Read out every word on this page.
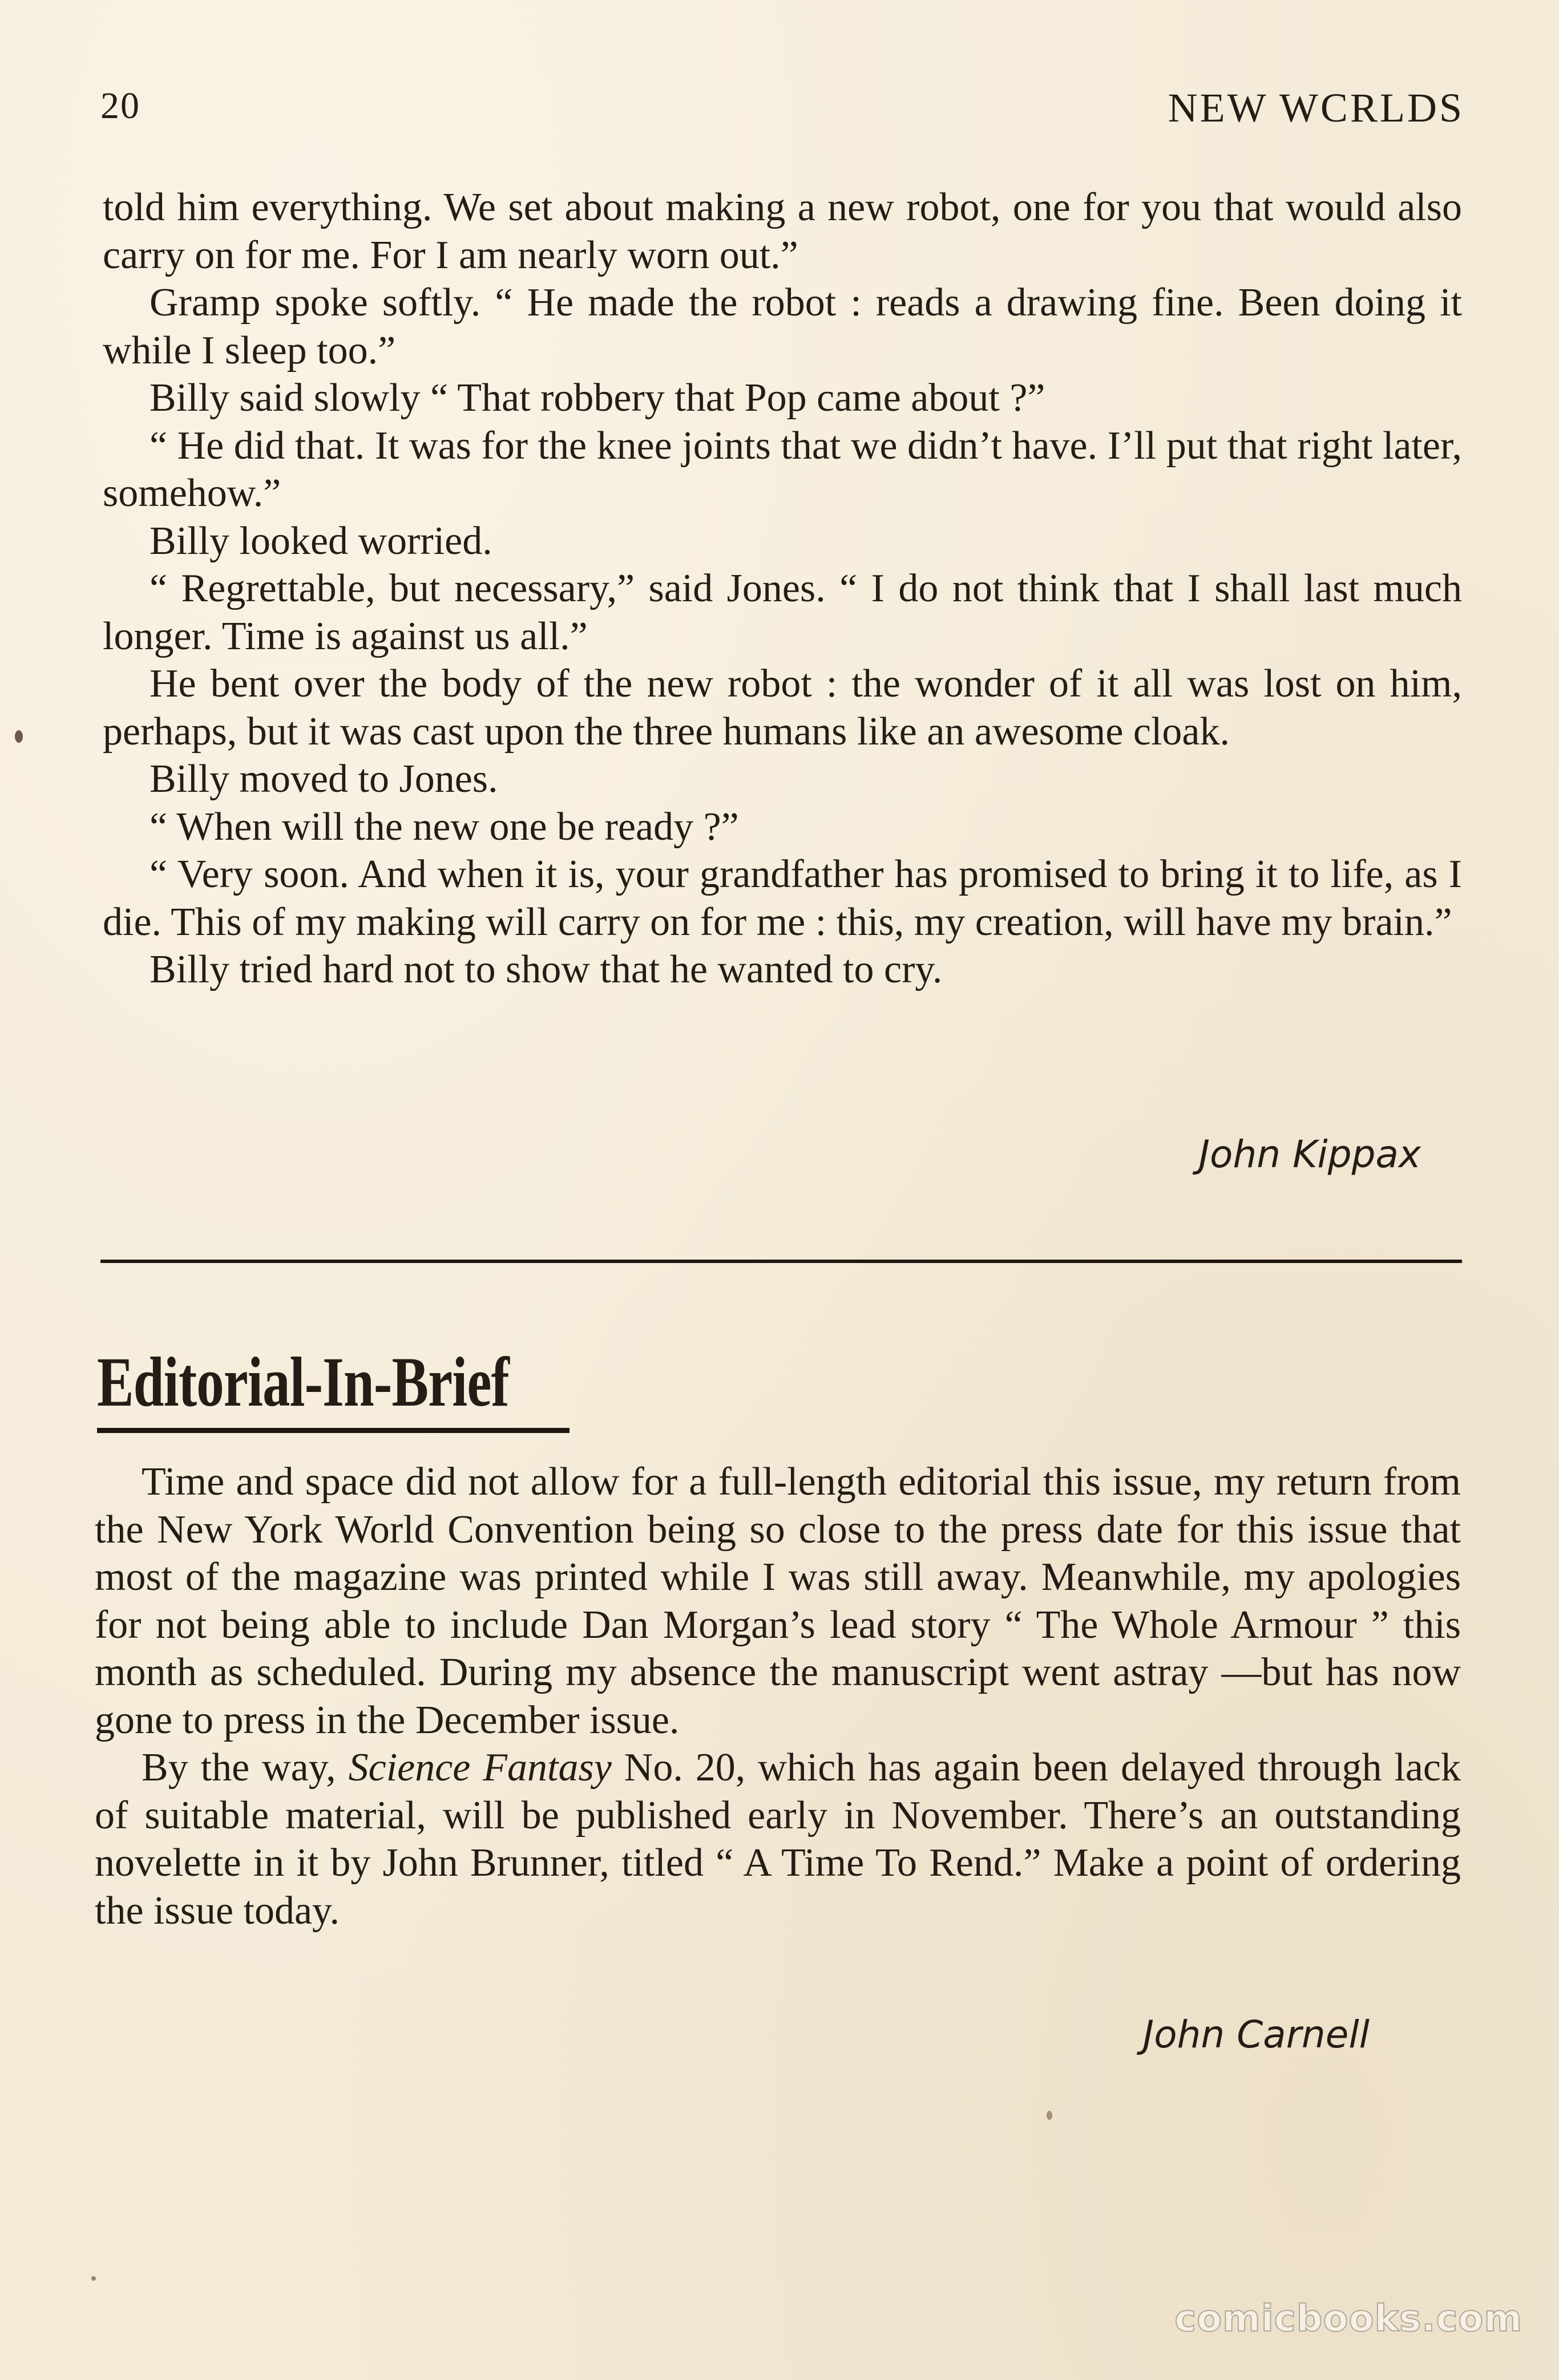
20	NEW WCRLDS

told him everything. We set about making a new robot, one for you that would also carry on for me. For I am nearly worn out.”

Gramp spoke softly. “ He made the robot : reads a drawing fine. Been doing it while I sleep too.”

Billy said slowly “ That robbery that Pop came about ?”

“ He did that. It was for the knee joints that we didn’t have. I’ll put that right later, somehow.”

Billy looked worried.

“ Regrettable, but necessary,” said Jones. “ I do not think that I shall last much longer. Time is against us all.”

He bent over the body of the new robot : the wonder of it all was lost on him, perhaps, but it was cast upon the three humans like an awesome cloak.

Billy moved to Jones.

“ When will the new one be ready ?”

“ Very soon. And when it is, your grandfather has promised to bring it to life, as I die. This of my making will carry on for me : this, my creation, will have my brain.”

Billy tried hard not to show that he wanted to cry.

John Kippax
Editorial-In-Brief

Time and space did not allow for a full-length editorial this issue, my return from the New York World Convention being so close to the press date for this issue that most of the magazine was printed while I was still away. Meanwhile, my apologies for not being able to include Dan Morgan’s lead story “ The Whole Armour ” this month as scheduled. During my absence the manuscript went astray —but has now gone to press in the December issue.

By the way, Science Fantasy No. 20, which has again been delayed through lack of suitable material, will be published early in November. There’s an outstanding novelette in it by John Brunner, titled “ A Time To Rend.” Make a point of ordering the issue today.

John Carnell
comicbooks.com
